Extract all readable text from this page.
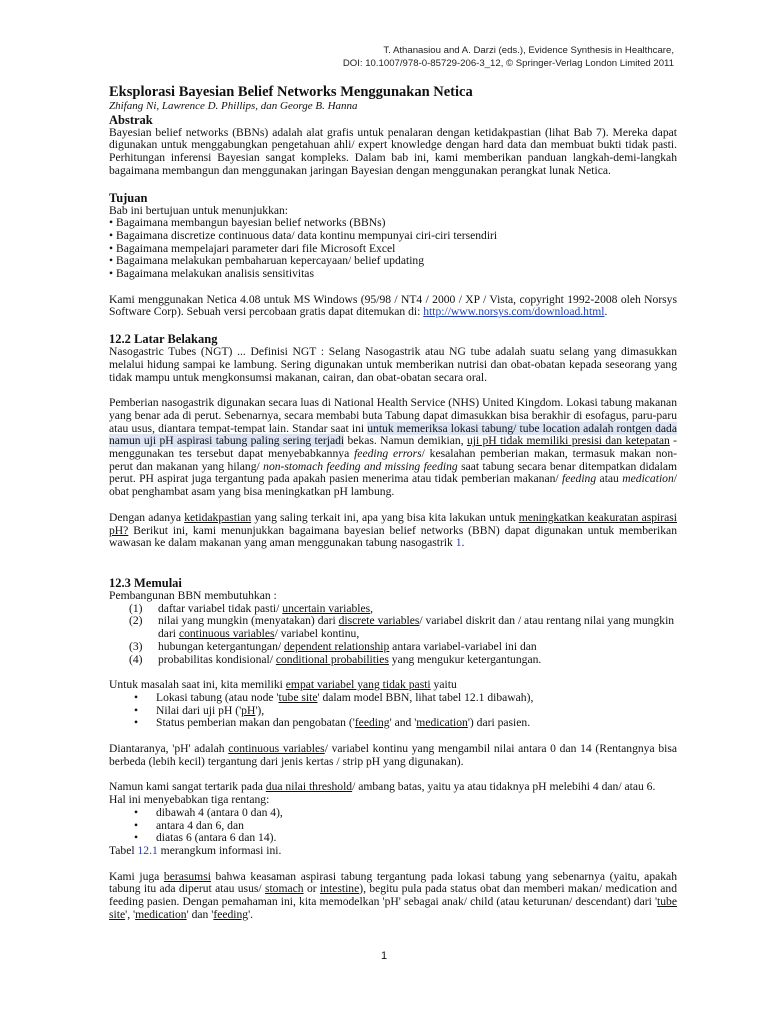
T. Athanasiou and A. Darzi (eds.), Evidence Synthesis in Healthcare,
DOI: 10.1007/978-0-85729-206-3_12, © Springer-Verlag London Limited 2011

Eksplorasi Bayesian Belief Networks Menggunakan Netica

Zhifang Ni, Lawrence D. Phillips, dan George B. Hanna

Abstrak

Bayesian belief networks (BBNs) adalah alat grafis untuk penalaran dengan ketidakpastian (lihat Bab 7). Mereka dapat digunakan untuk menggabungkan pengetahuan ahli/ expert knowledge dengan hard data dan membuat bukti tidak pasti. Perhitungan inferensi Bayesian sangat kompleks. Dalam bab ini, kami memberikan panduan langkah-demi-langkah bagaimana membangun dan menggunakan jaringan Bayesian dengan menggunakan perangkat lunak Netica.

Tujuan

Bab ini bertujuan untuk menunjukkan:

• Bagaimana membangun bayesian belief networks (BBNs)
• Bagaimana discretize continuous data/ data kontinu mempunyai ciri-ciri tersendiri
• Bagaimana mempelajari parameter dari file Microsoft Excel
• Bagaimana melakukan pembaharuan kepercayaan/ belief updating
• Bagaimana melakukan analisis sensitivitas

Kami menggunakan Netica 4.08 untuk MS Windows (95/98 / NT4 / 2000 / XP / Vista, copyright 1992-2008 oleh Norsys Software Corp). Sebuah versi percobaan gratis dapat ditemukan di: http://www.norsys.com/download.html.

12.2 Latar Belakang

Nasogastric Tubes (NGT) ... Definisi NGT : Selang Nasogastrik atau NG tube adalah suatu selang yang dimasukkan melalui hidung sampai ke lambung. Sering digunakan untuk memberikan nutrisi dan obat-obatan kepada seseorang yang tidak mampu untuk mengkonsumsi makanan, cairan, dan obat-obatan secara oral.

Pemberian nasogastrik digunakan secara luas di National Health Service (NHS) United Kingdom. Lokasi tabung makanan yang benar ada di perut. Sebenarnya, secara membabi buta Tabung dapat dimasukkan bisa berakhir di esofagus, paru-paru atau usus, diantara tempat-tempat lain. Standar saat ini untuk memeriksa lokasi tabung/ tube location adalah rontgen dada namun uji pH aspirasi tabung paling sering terjadi bekas. Namun demikian, uji pH tidak memiliki presisi dan ketepatan - menggunakan tes tersebut dapat menyebabkannya feeding errors/ kesalahan pemberian makan, termasuk makan non-perut dan makanan yang hilang/ non-stomach feeding and missing feeding saat tabung secara benar ditempatkan didalam perut. PH aspirat juga tergantung pada apakah pasien menerima atau tidak pemberian makanan/ feeding atau medication/ obat penghambat asam yang bisa meningkatkan pH lambung.

Dengan adanya ketidakpastian yang saling terkait ini, apa yang bisa kita lakukan untuk meningkatkan keakuratan aspirasi pH? Berikut ini, kami menunjukkan bagaimana bayesian belief networks (BBN) dapat digunakan untuk memberikan wawasan ke dalam makanan yang aman menggunakan tabung nasogastrik 1.

12.3 Memulai

Pembangunan BBN membutuhkan :

(1) daftar variabel tidak pasti/ uncertain variables,
(2) nilai yang mungkin (menyatakan) dari discrete variables/ variabel diskrit dan / atau rentang nilai yang mungkin dari continuous variables/ variabel kontinu,
(3) hubungan ketergantungan/ dependent relationship antara variabel-variabel ini dan
(4) probabilitas kondisional/ conditional probabilities yang mengukur ketergantungan.

Untuk masalah saat ini, kita memiliki empat variabel yang tidak pasti yaitu

• Lokasi tabung (atau node 'tube site' dalam model BBN, lihat tabel 12.1 dibawah),
• Nilai dari uji pH ('pH'),
• Status pemberian makan dan pengobatan ('feeding' and 'medication') dari pasien.

Diantaranya, 'pH' adalah continuous variables/ variabel kontinu yang mengambil nilai antara 0 dan 14 (Rentangnya bisa berbeda (lebih kecil) tergantung dari jenis kertas / strip pH yang digunakan).

Namun kami sangat tertarik pada dua nilai threshold/ ambang batas, yaitu ya atau tidaknya pH melebihi 4 dan/ atau 6.

Hal ini menyebabkan tiga rentang:

• dibawah 4 (antara 0 dan 4),
• antara 4 dan 6, dan
• diatas 6 (antara 6 dan 14).

Tabel 12.1 merangkum informasi ini.

Kami juga berasumsi bahwa keasaman aspirasi tabung tergantung pada lokasi tabung yang sebenarnya (yaitu, apakah tabung itu ada diperut atau usus/ stomach or intestine), begitu pula pada status obat dan memberi makan/ medication and feeding pasien. Dengan pemahaman ini, kita memodelkan 'pH' sebagai anak/ child (atau keturunan/ descendant) dari 'tube site', 'medication' dan 'feeding'.

1
